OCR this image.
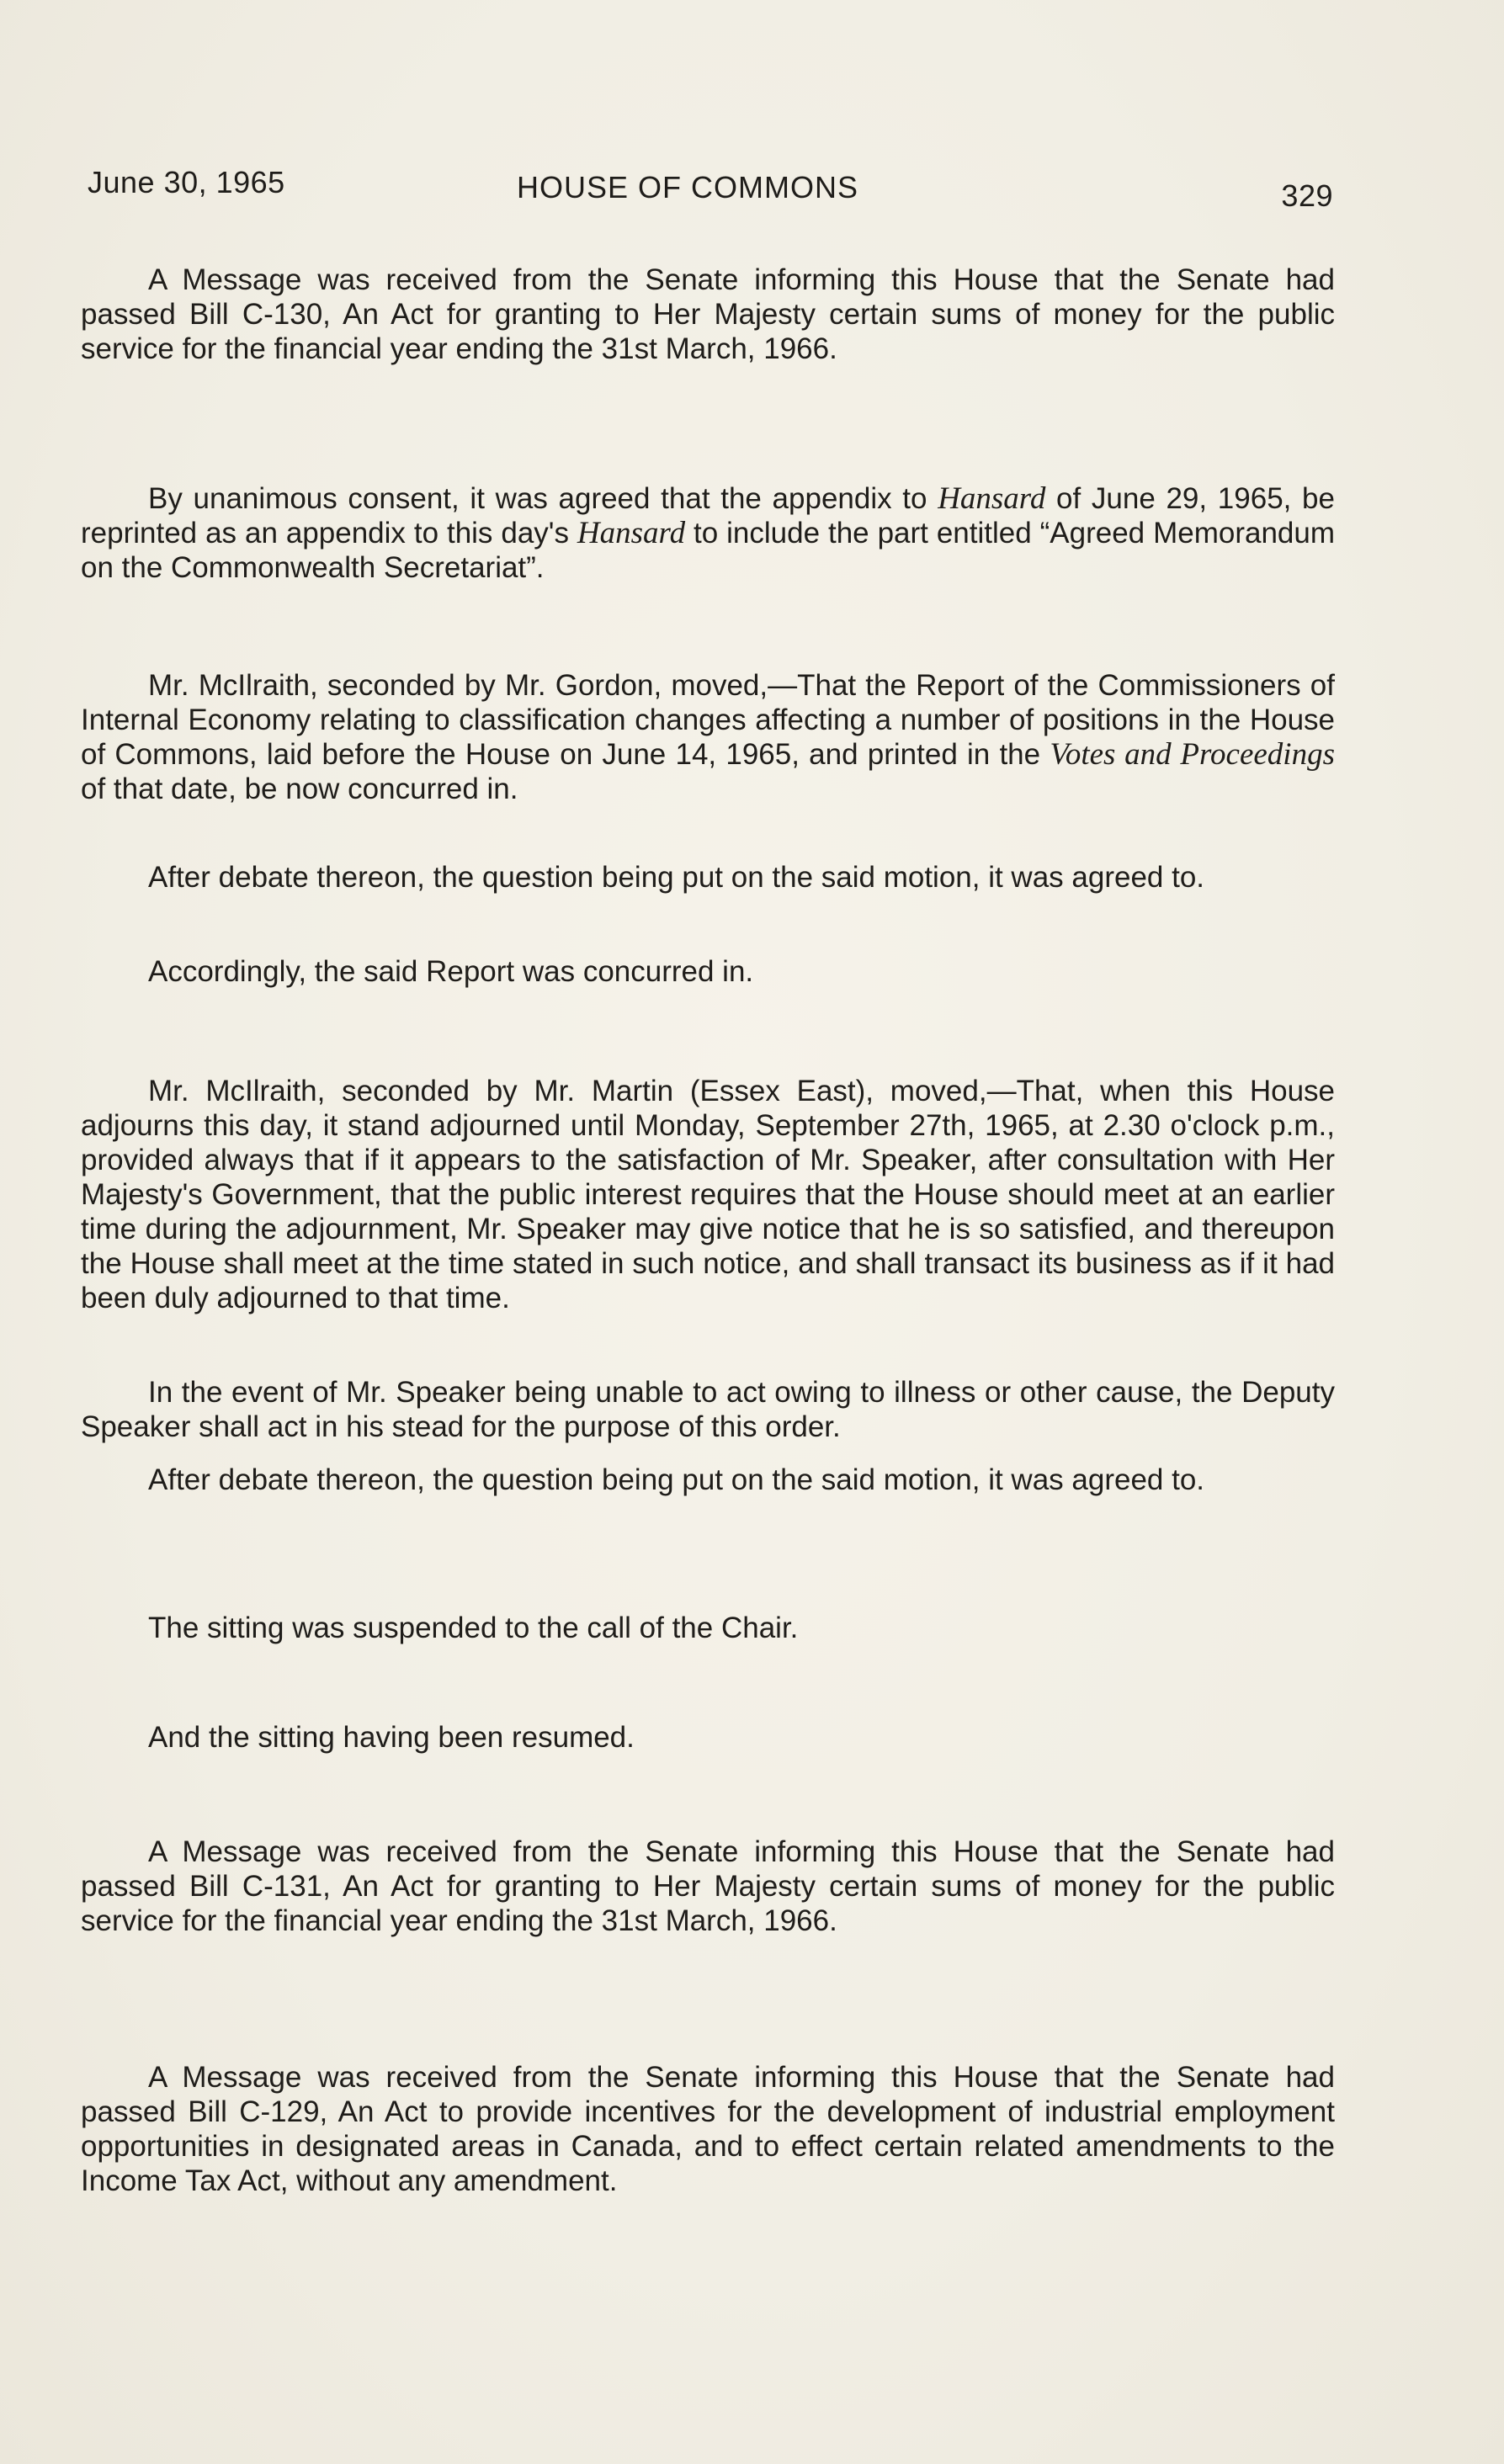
June 30, 1965	HOUSE OF COMMONS	329

A Message was received from the Senate informing this House that the Senate had passed Bill C-130, An Act for granting to Her Majesty certain sums of money for the public service for the financial year ending the 31st March, 1966.

By unanimous consent, it was agreed that the appendix to Hansard of June 29, 1965, be reprinted as an appendix to this day's Hansard to include the part entitled “Agreed Memorandum on the Commonwealth Secretariat”.

Mr. McIlraith, seconded by Mr. Gordon, moved,—That the Report of the Commissioners of Internal Economy relating to classification changes affecting a number of positions in the House of Commons, laid before the House on June 14, 1965, and printed in the Votes and Proceedings of that date, be now concurred in.

After debate thereon, the question being put on the said motion, it was agreed to.

Accordingly, the said Report was concurred in.

Mr. McIlraith, seconded by Mr. Martin (Essex East), moved,—That, when this House adjourns this day, it stand adjourned until Monday, September 27th, 1965, at 2.30 o'clock p.m., provided always that if it appears to the satisfaction of Mr. Speaker, after consultation with Her Majesty's Government, that the public interest requires that the House should meet at an earlier time during the adjournment, Mr. Speaker may give notice that he is so satisfied, and thereupon the House shall meet at the time stated in such notice, and shall transact its business as if it had been duly adjourned to that time.

In the event of Mr. Speaker being unable to act owing to illness or other cause, the Deputy Speaker shall act in his stead for the purpose of this order.

After debate thereon, the question being put on the said motion, it was agreed to.

The sitting was suspended to the call of the Chair.

And the sitting having been resumed.

A Message was received from the Senate informing this House that the Senate had passed Bill C-131, An Act for granting to Her Majesty certain sums of money for the public service for the financial year ending the 31st March, 1966.

A Message was received from the Senate informing this House that the Senate had passed Bill C-129, An Act to provide incentives for the development of industrial employment opportunities in designated areas in Canada, and to effect certain related amendments to the Income Tax Act, without any amendment.
